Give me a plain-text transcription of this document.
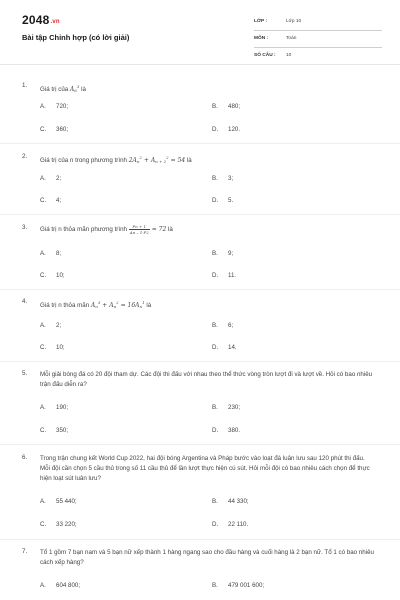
2048.vn
Bài tập Chỉnh hợp (có lời giải)
LỚP :	Lớp 10
MÔN :	Toán
SỐ CÂU : 10
1.
Giá trị của $A_6^3$ là
A. 720;	B. 480;
C. 360;	D. 120.
2.
Giá trị của n trong phương trình $2A_n^2 + A_{n + 2}^2 = 54$ là
A. 2;	B. 3;
C. 4;	D. 5.
3. Giá trị n thỏa mãn phương trình $\frac{Pn + 1}{An - 1\cdot P2} = 72$ là
A. 8;	B. 9;
C. 10;	D. 11.
4.
Giá trị n thỏa mãn $A_n^3 + A_n^2 = 16A_n^1$ là
A. 2;	B. 6;
C. 10;	D. 14.
5. Mỗi giải bóng đá có 20 đội tham dự. Các đội thi đấu với nhau theo thể thức vòng tròn lượt đi và lượt về. Hỏi có bao nhiêu trận đấu diễn ra?
A. 190;	B. 230;
C. 350;	D. 380.
6. Trong trận chung kết World Cup 2022, hai đội bóng Argentina và Pháp bước vào loạt đá luân lưu sau 120 phút thi đấu. Mỗi đội cần chọn 5 cầu thủ trong số 11 cầu thủ để lần lượt thực hiện cú sút. Hỏi mỗi đội có bao nhiêu cách chọn để thực hiện loạt sút luân lưu?
A. 55 440;	B. 44 330;
C. 33 220;	D. 22 110.
7. Tổ 1 gồm 7 bạn nam và 5 bạn nữ xếp thành 1 hàng ngang sao cho đầu hàng và cuối hàng là 2 bạn nữ. Tổ 1 có bao nhiêu cách xếp hàng?
A. 604 800;	B. 479 001 600;
